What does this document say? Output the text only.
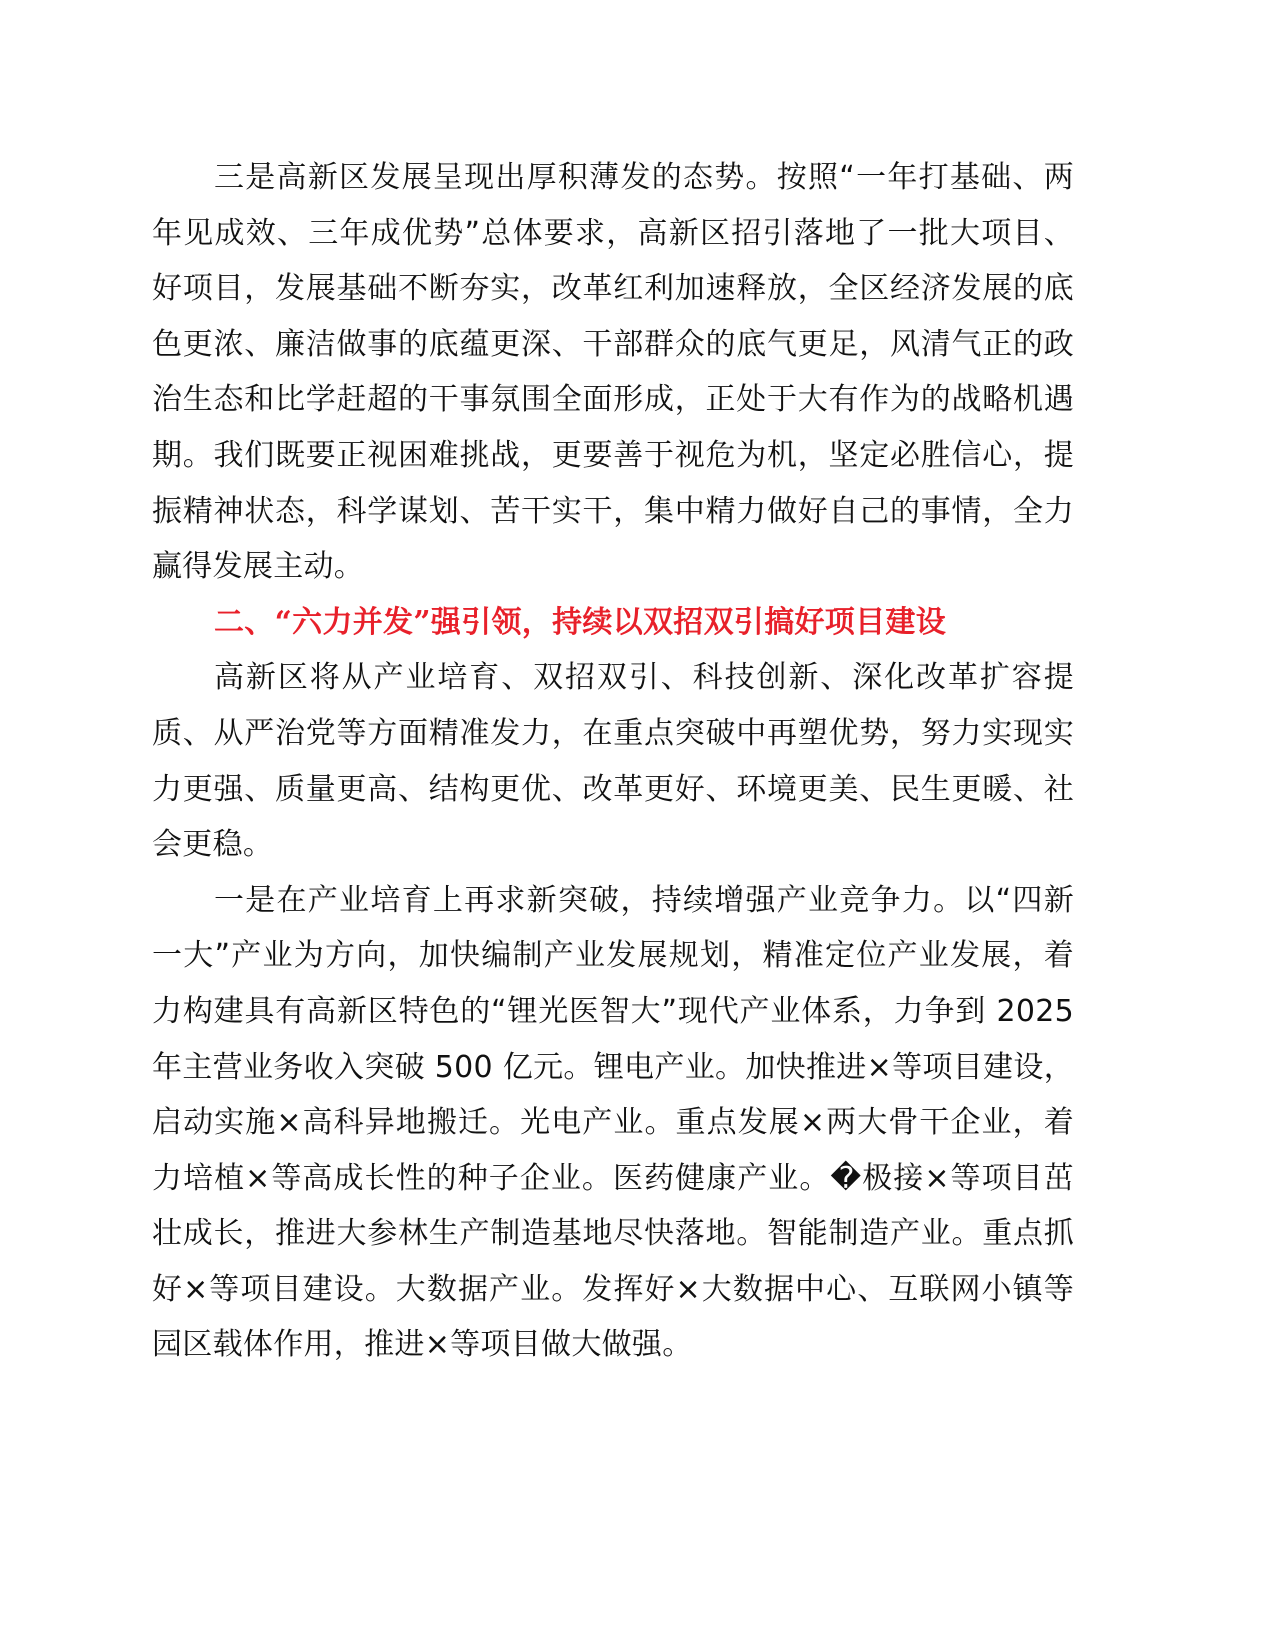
三是高新区发展呈现出厚积薄发的态势。按照“一年打基础、两年见成效、三年成优势”总体要求，高新区招引落地了一批大项目、好项目，发展基础不断夯实，改革红利加速释放，全区经济发展的底色更浓、廉洁做事的底蕴更深、干部群众的底气更足，风清气正的政治生态和比学赶超的干事氛围全面形成，正处于大有作为的战略机遇期。我们既要正视困难挑战，更要善于视危为机，坚定必胜信心，提振精神状态，科学谋划、苦干实干，集中精力做好自己的事情，全力赢得发展主动。

二、“六力并发”强引领，持续以双招双引搞好项目建设

高新区将从产业培育、双招双引、科技创新、深化改革扩容提质、从严治党等方面精准发力，在重点突破中再塑优势，努力实现实力更强、质量更高、结构更优、改革更好、环境更美、民生更暖、社会更稳。

一是在产业培育上再求新突破，持续增强产业竞争力。以“四新一大”产业为方向，加快编制产业发展规划，精准定位产业发展，着力构建具有高新区特色的“锂光医智大”现代产业体系，力争到 2025 年主营业务收入突破 500 亿元。锂电产业。加快推进×等项目建设，启动实施×高科异地搬迁。光电产业。重点发展×两大骨干企业，着力培植×等高成长性的种子企业。医药健康产业。�极接×等项目茁壮成长，推进大参林生产制造基地尽快落地。智能制造产业。重点抓好×等项目建设。大数据产业。发挥好×大数据中心、互联网小镇等园区载体作用，推进×等项目做大做强。
